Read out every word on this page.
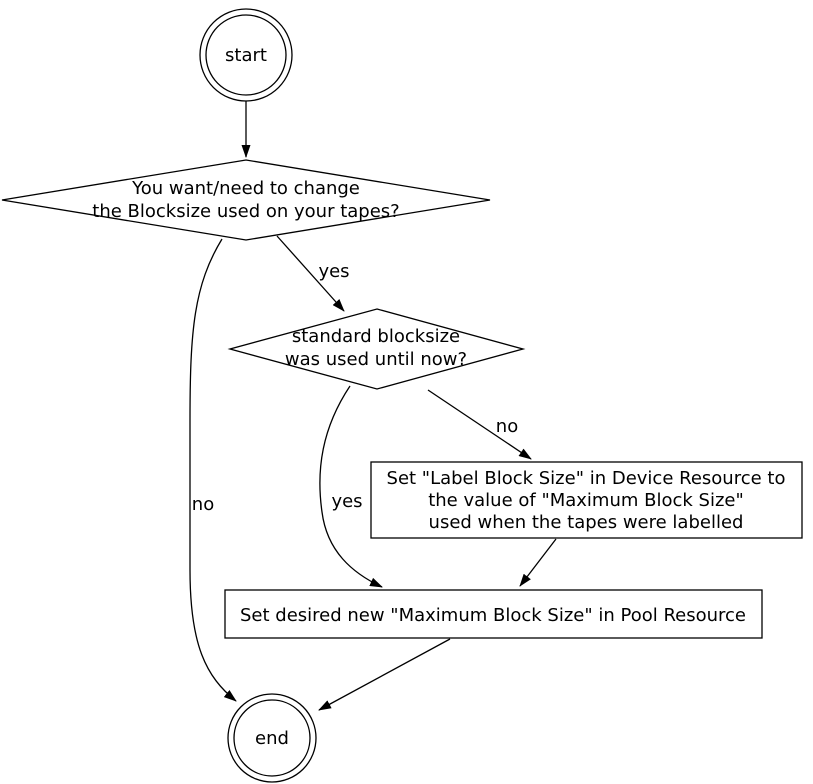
yes
no
no
yes
start
You want/need to change
the Blocksize used on your tapes?
standard blocksize
was used until now?
Set "Label Block Size" in Device Resource to
the value of "Maximum Block Size"
used when the tapes were labelled
Set desired new "Maximum Block Size" in Pool Resource
end
